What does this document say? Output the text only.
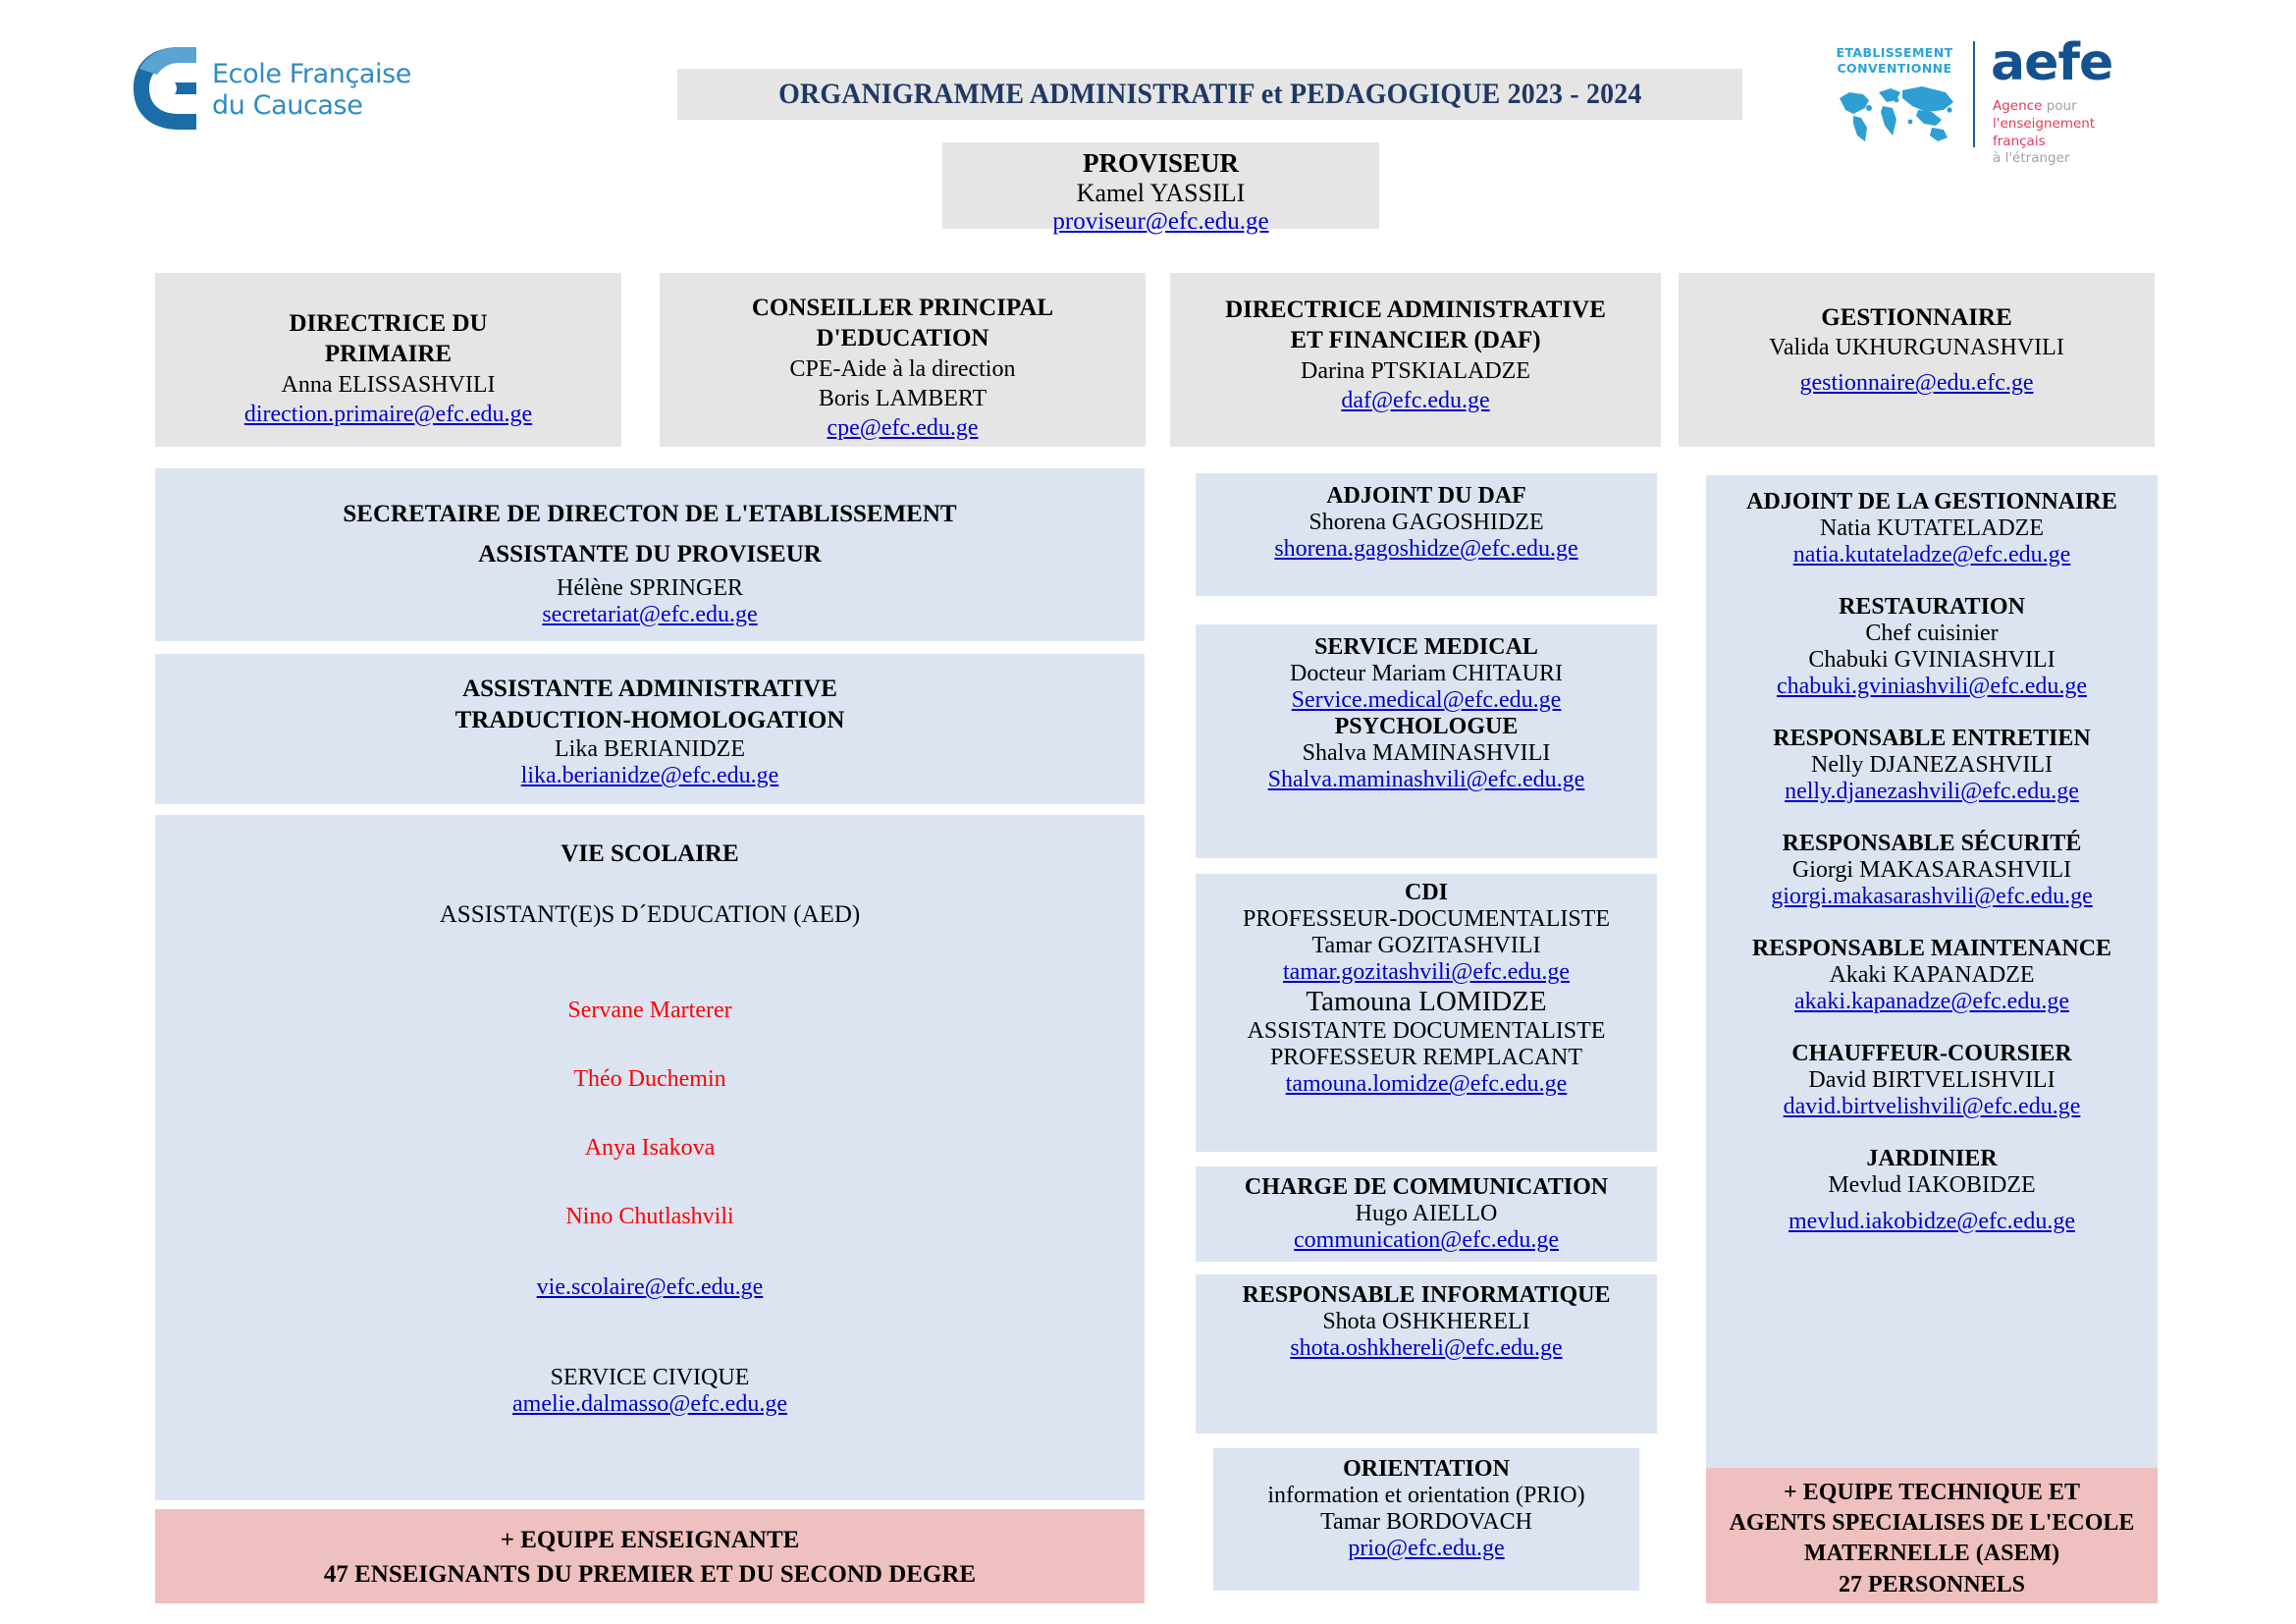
Ecole Française
du Caucase	ORGANIGRAMME ADMINISTRATIF et PEDAGOGIQUE 2023 - 2024
ETABLISSEMENT
CONVENTIONNE aefe
Agence pour
l'enseignement français
à l'étranger
PROVISEUR
Kamel YASSILI
proviseur@efc.edu.ge
DIRECTRICE DU
PRIMAIRE
Anna ELISSASHVILI
direction.primaire@efc.edu.ge
CONSEILLER PRINCIPAL
D'EDUCATION
CPE-Aide à la direction
Boris LAMBERT
cpe@efc.edu.ge
DIRECTRICE ADMINISTRATIVE
ET FINANCIER (DAF)
Darina PTSKIALADZE
daf@efc.edu.ge
GESTIONNAIRE
Valida UKHURGUNASHVILI
gestionnaire@edu.efc.ge
SECRETAIRE DE DIRECTON DE L'ETABLISSEMENT
ASSISTANTE DU PROVISEUR
Hélène SPRINGER
secretariat@efc.edu.ge
ASSISTANTE ADMINISTRATIVE
TRADUCTION-HOMOLOGATION
Lika BERIANIDZE
lika.berianidze@efc.edu.ge
VIE SCOLAIRE
ASSISTANT(E)S D´EDUCATION (AED)
Servane Marterer
Théo Duchemin
Anya Isakova
Nino Chutlashvili
vie.scolaire@efc.edu.ge
SERVICE CIVIQUE
amelie.dalmasso@efc.edu.ge
+ EQUIPE ENSEIGNANTE
47 ENSEIGNANTS DU PREMIER ET DU SECOND DEGRE
ADJOINT DU DAF
Shorena GAGOSHIDZE
shorena.gagoshidze@efc.edu.ge
SERVICE MEDICAL
Docteur Mariam CHITAURI
Service.medical@efc.edu.ge
PSYCHOLOGUE
Shalva MAMINASHVILI
Shalva.maminashvili@efc.edu.ge
CDI
PROFESSEUR-DOCUMENTALISTE
Tamar GOZITASHVILI
tamar.gozitashvili@efc.edu.ge
Tamouna LOMIDZE
ASSISTANTE DOCUMENTALISTE
PROFESSEUR REMPLACANT
tamouna.lomidze@efc.edu.ge
CHARGE DE COMMUNICATION
Hugo AIELLO
communication@efc.edu.ge
RESPONSABLE INFORMATIQUE
Shota OSHKHERELI
shota.oshkhereli@efc.edu.ge
ORIENTATION
information et orientation (PRIO)
Tamar BORDOVACH
prio@efc.edu.ge
ADJOINT DE LA GESTIONNAIRE
Natia KUTATELADZE
natia.kutateladze@efc.edu.ge
RESTAURATION
Chef cuisinier
Chabuki GVINIASHVILI
chabuki.gviniashvili@efc.edu.ge
RESPONSABLE ENTRETIEN
Nelly DJANEZASHVILI
nelly.djanezashvili@efc.edu.ge
RESPONSABLE SÉCURITÉ
Giorgi MAKASARASHVILI
giorgi.makasarashvili@efc.edu.ge
RESPONSABLE MAINTENANCE
Akaki KAPANADZE
akaki.kapanadze@efc.edu.ge
CHAUFFEUR-COURSIER
David BIRTVELISHVILI
david.birtvelishvili@efc.edu.ge
JARDINIER
Mevlud IAKOBIDZE
mevlud.iakobidze@efc.edu.ge
+ EQUIPE TECHNIQUE ET
AGENTS SPECIALISES DE L'ECOLE
MATERNELLE (ASEM)
27 PERSONNELS
